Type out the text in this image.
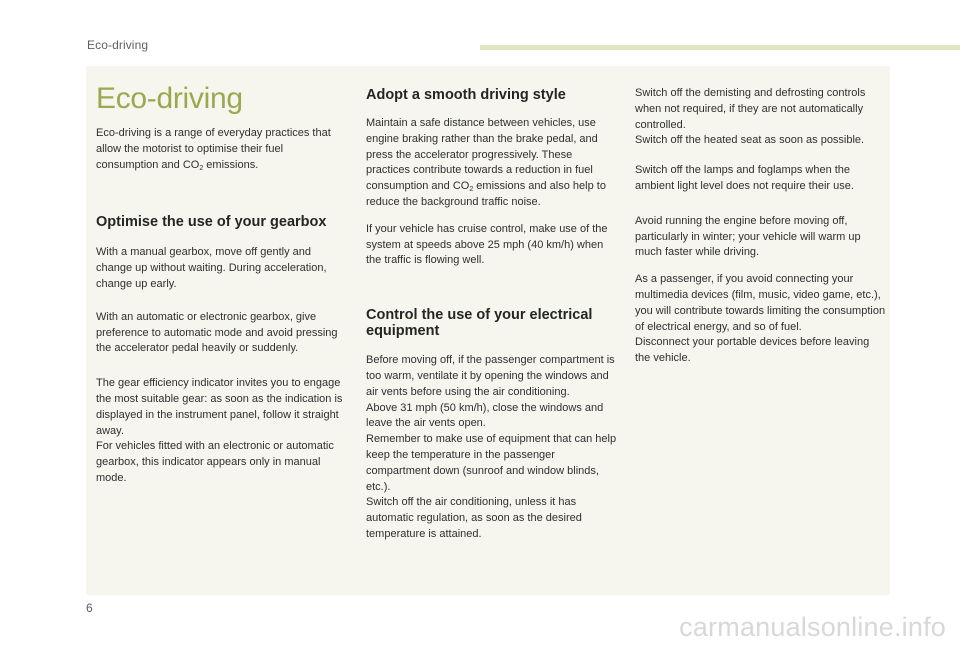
Eco-driving
Eco-driving

Eco-driving is a range of everyday practices that allow the motorist to optimise their fuel consumption and $CO_2$ emissions.

Optimise the use of your gearbox

With a manual gearbox, move off gently and change up without waiting. During acceleration, change up early.

With an automatic or electronic gearbox, give preference to automatic mode and avoid pressing the accelerator pedal heavily or suddenly.

The gear efficiency indicator invites you to engage the most suitable gear: as soon as the indication is displayed in the instrument panel, follow it straight away.

For vehicles fitted with an electronic or automatic gearbox, this indicator appears only in manual mode.

Adopt a smooth driving style

Maintain a safe distance between vehicles, use engine braking rather than the brake pedal, and press the accelerator progressively. These practices contribute towards a reduction in fuel consumption and $CO_2$ emissions and also help to reduce the background traffic noise.

If your vehicle has cruise control, make use of the system at speeds above 25 mph (40 km/h) when the traffic is flowing well.

Control the use of your electrical equipment

Before moving off, if the passenger compartment is too warm, ventilate it by opening the windows and air vents before using the air conditioning.

Above 31 mph (50 km/h), close the windows and leave the air vents open.

Remember to make use of equipment that can help keep the temperature in the passenger compartment down (sunroof and window blinds, etc.).

Switch off the air conditioning, unless it has automatic regulation, as soon as the desired temperature is attained.

Switch off the demisting and defrosting controls when not required, if they are not automatically controlled.

Switch off the heated seat as soon as possible.

Switch off the lamps and foglamps when the ambient light level does not require their use.

Avoid running the engine before moving off, particularly in winter; your vehicle will warm up much faster while driving.

As a passenger, if you avoid connecting your multimedia devices (film, music, video game, etc.), you will contribute towards limiting the consumption of electrical energy, and so of fuel.

Disconnect your portable devices before leaving the vehicle.

6
carmanualsonline.info
